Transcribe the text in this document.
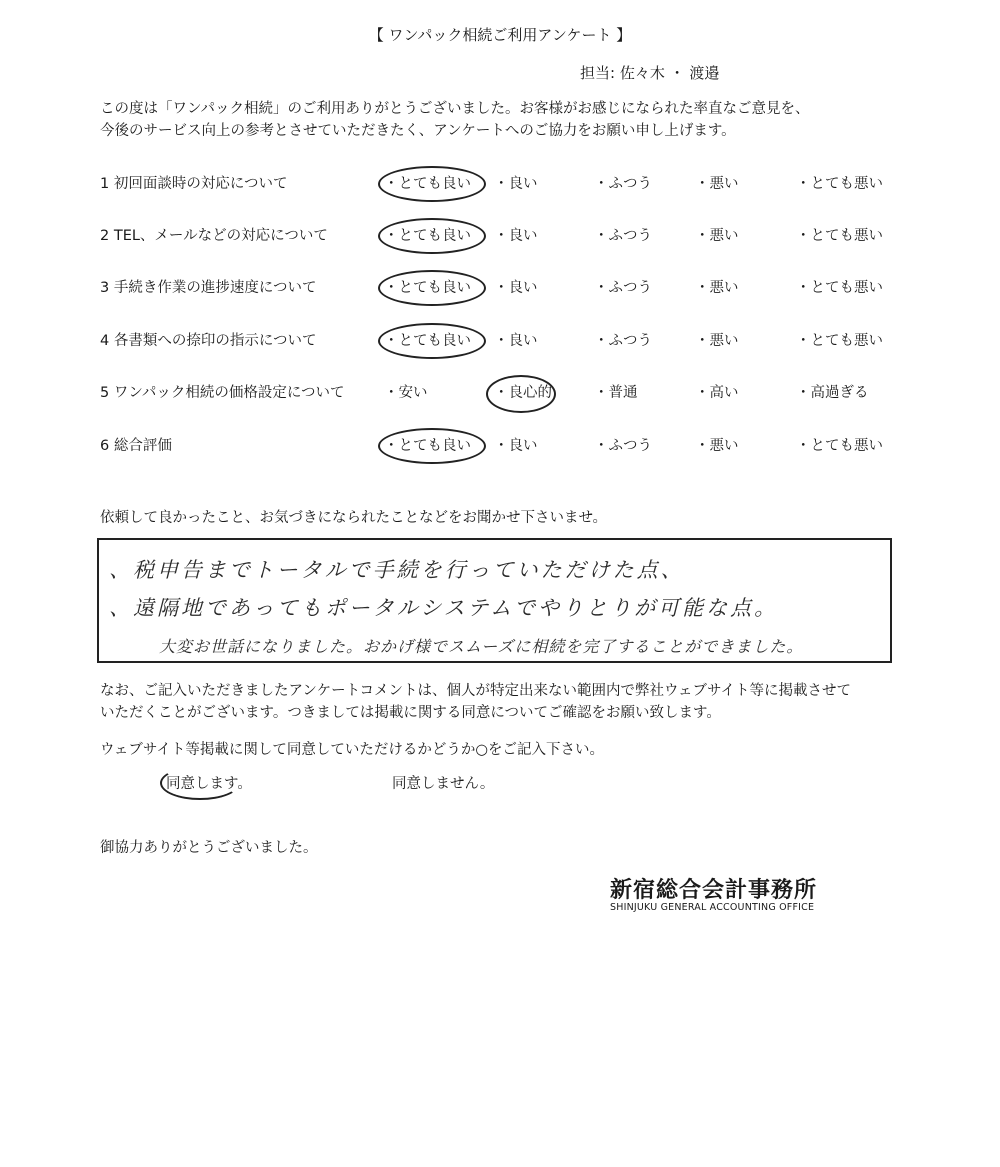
【 ワンパック相続ご利用アンケート 】
担当: 佐々木 ・ 渡邉
この度は「ワンパック相続」のご利用ありがとうございました。お客様がお感じになられた率直なご意見を、
今後のサービス向上の参考とさせていただきたく、アンケートへのご協力をお願い申し上げます。
1 初回面談時の対応について	・とても良い ・良い	・ふつう	・悪い	・とても悪い
2 TEL、メールなどの対応について	・とても良い ・良い	・ふつう	・悪い	・とても悪い
3 手続き作業の進捗速度について	・とても良い ・良い	・ふつう	・悪い	・とても悪い
4 各書類への捺印の指示について	・とても良い ・良い	・ふつう	・悪い	・とても悪い
5 ワンパック相続の価格設定について	・安い	・良心的	・普通	・高い	・高過ぎる
6 総合評価	・とても良い ・良い	・ふつう	・悪い	・とても悪い
依頼して良かったこと、お気づきになられたことなどをお聞かせ下さいませ。
、税申告までトータルで手続を行っていただけた点、
、遠隔地であってもポータルシステムでやりとりが可能な点。
大変お世話になりました。おかげ様でスムーズに相続を完了することができました。
なお、ご記入いただきましたアンケートコメントは、個人が特定出来ない範囲内で弊社ウェブサイト等に掲載させて
いただくことがございます。つきましては掲載に関する同意についてご確認をお願い致します。
ウェブサイト等掲載に関して同意していただけるかどうか○をご記入下さい。
同意します。	同意しません。
御協力ありがとうございました。
新宿総合会計事務所
SHINJUKU GENERAL ACCOUNTING OFFICE
